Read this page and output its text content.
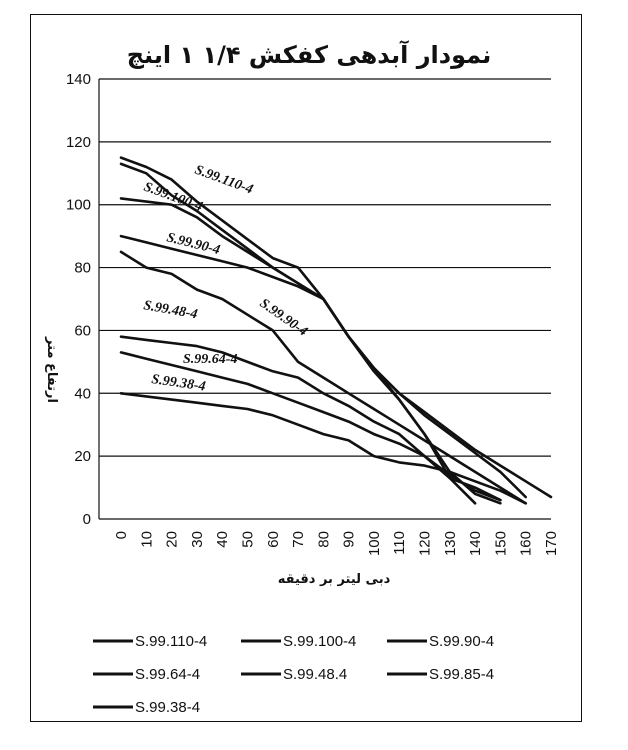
نمودار آبدهی کفکش ۱/۴ ۱ اینچ
S.99.110-4
S.99.100-4
S.99.90-4
S.99.48-4	S.99.90-4
S.99.64-4
S.99.38-4
0
20
40
60
80
100
120
140
0 10 20 30 40 50 60 70 80 90 100 110 120 130 140 150 160 170
ارتفاع متر
دبی لیتر بر دقیقه
S.99.110-4	S.99.100-4	S.99.90-4
S.99.64-4	S.99.48.4	S.99.85-4
S.99.38-4
